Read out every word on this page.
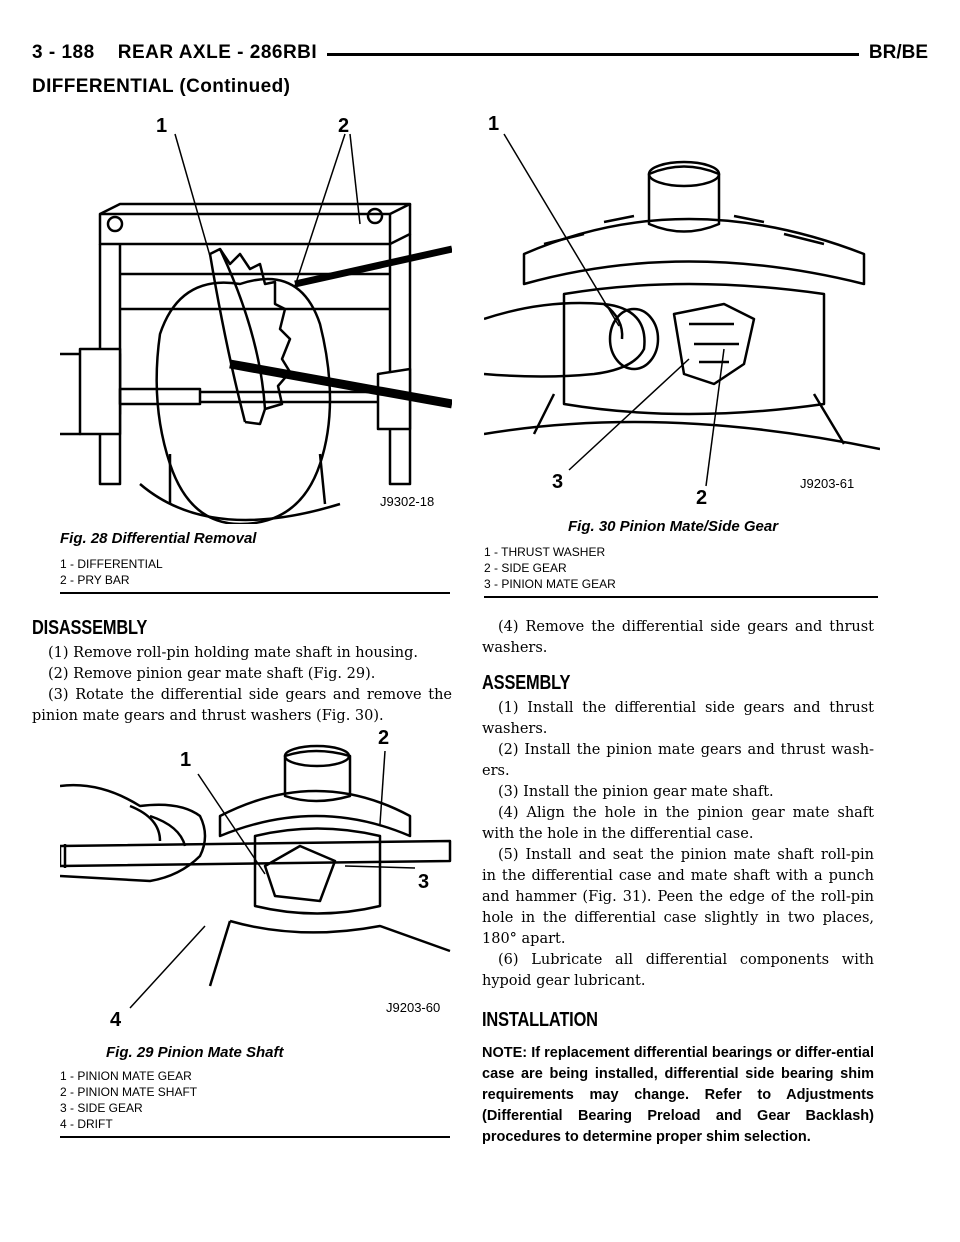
3 - 188 REAR AXLE - 286RBI	BR/BE
DIFFERENTIAL (Continued)
1	2
J9302-18
Fig. 28 Differential Removal
1 - DIFFERENTIAL
2 - PRY BAR
1
3
2
J9203-61
Fig. 30 Pinion Mate/Side Gear
1 - THRUST WASHER
2 - SIDE GEAR
3 - PINION MATE GEAR
DISASSEMBLY

(1) Remove roll-pin holding mate shaft in housing.

(2) Remove pinion gear mate shaft (Fig. 29).

(3) Rotate the differential side gears and remove the pinion mate gears and thrust washers (Fig. 30).

1
2
3
4
J9203-60
Fig. 29 Pinion Mate Shaft
1 - PINION MATE GEAR
2 - PINION MATE SHAFT
3 - SIDE GEAR
4 - DRIFT

(4) Remove the differential side gears and thrust washers.

ASSEMBLY

(1) Install the differential side gears and thrust washers.

(2) Install the pinion mate gears and thrust wash-ers.

(3) Install the pinion gear mate shaft.

(4) Align the hole in the pinion gear mate shaft with the hole in the differential case.

(5) Install and seat the pinion mate shaft roll-pin in the differential case and mate shaft with a punch and hammer (Fig. 31). Peen the edge of the roll-pin hole in the differential case slightly in two places, 180° apart.

(6) Lubricate all differential components with hypoid gear lubricant.

INSTALLATION

NOTE: If replacement differential bearings or differ-ential case are being installed, differential side bearing shim requirements may change. Refer to Adjustments (Differential Bearing Preload and Gear Backlash) procedures to determine proper shim selection.
